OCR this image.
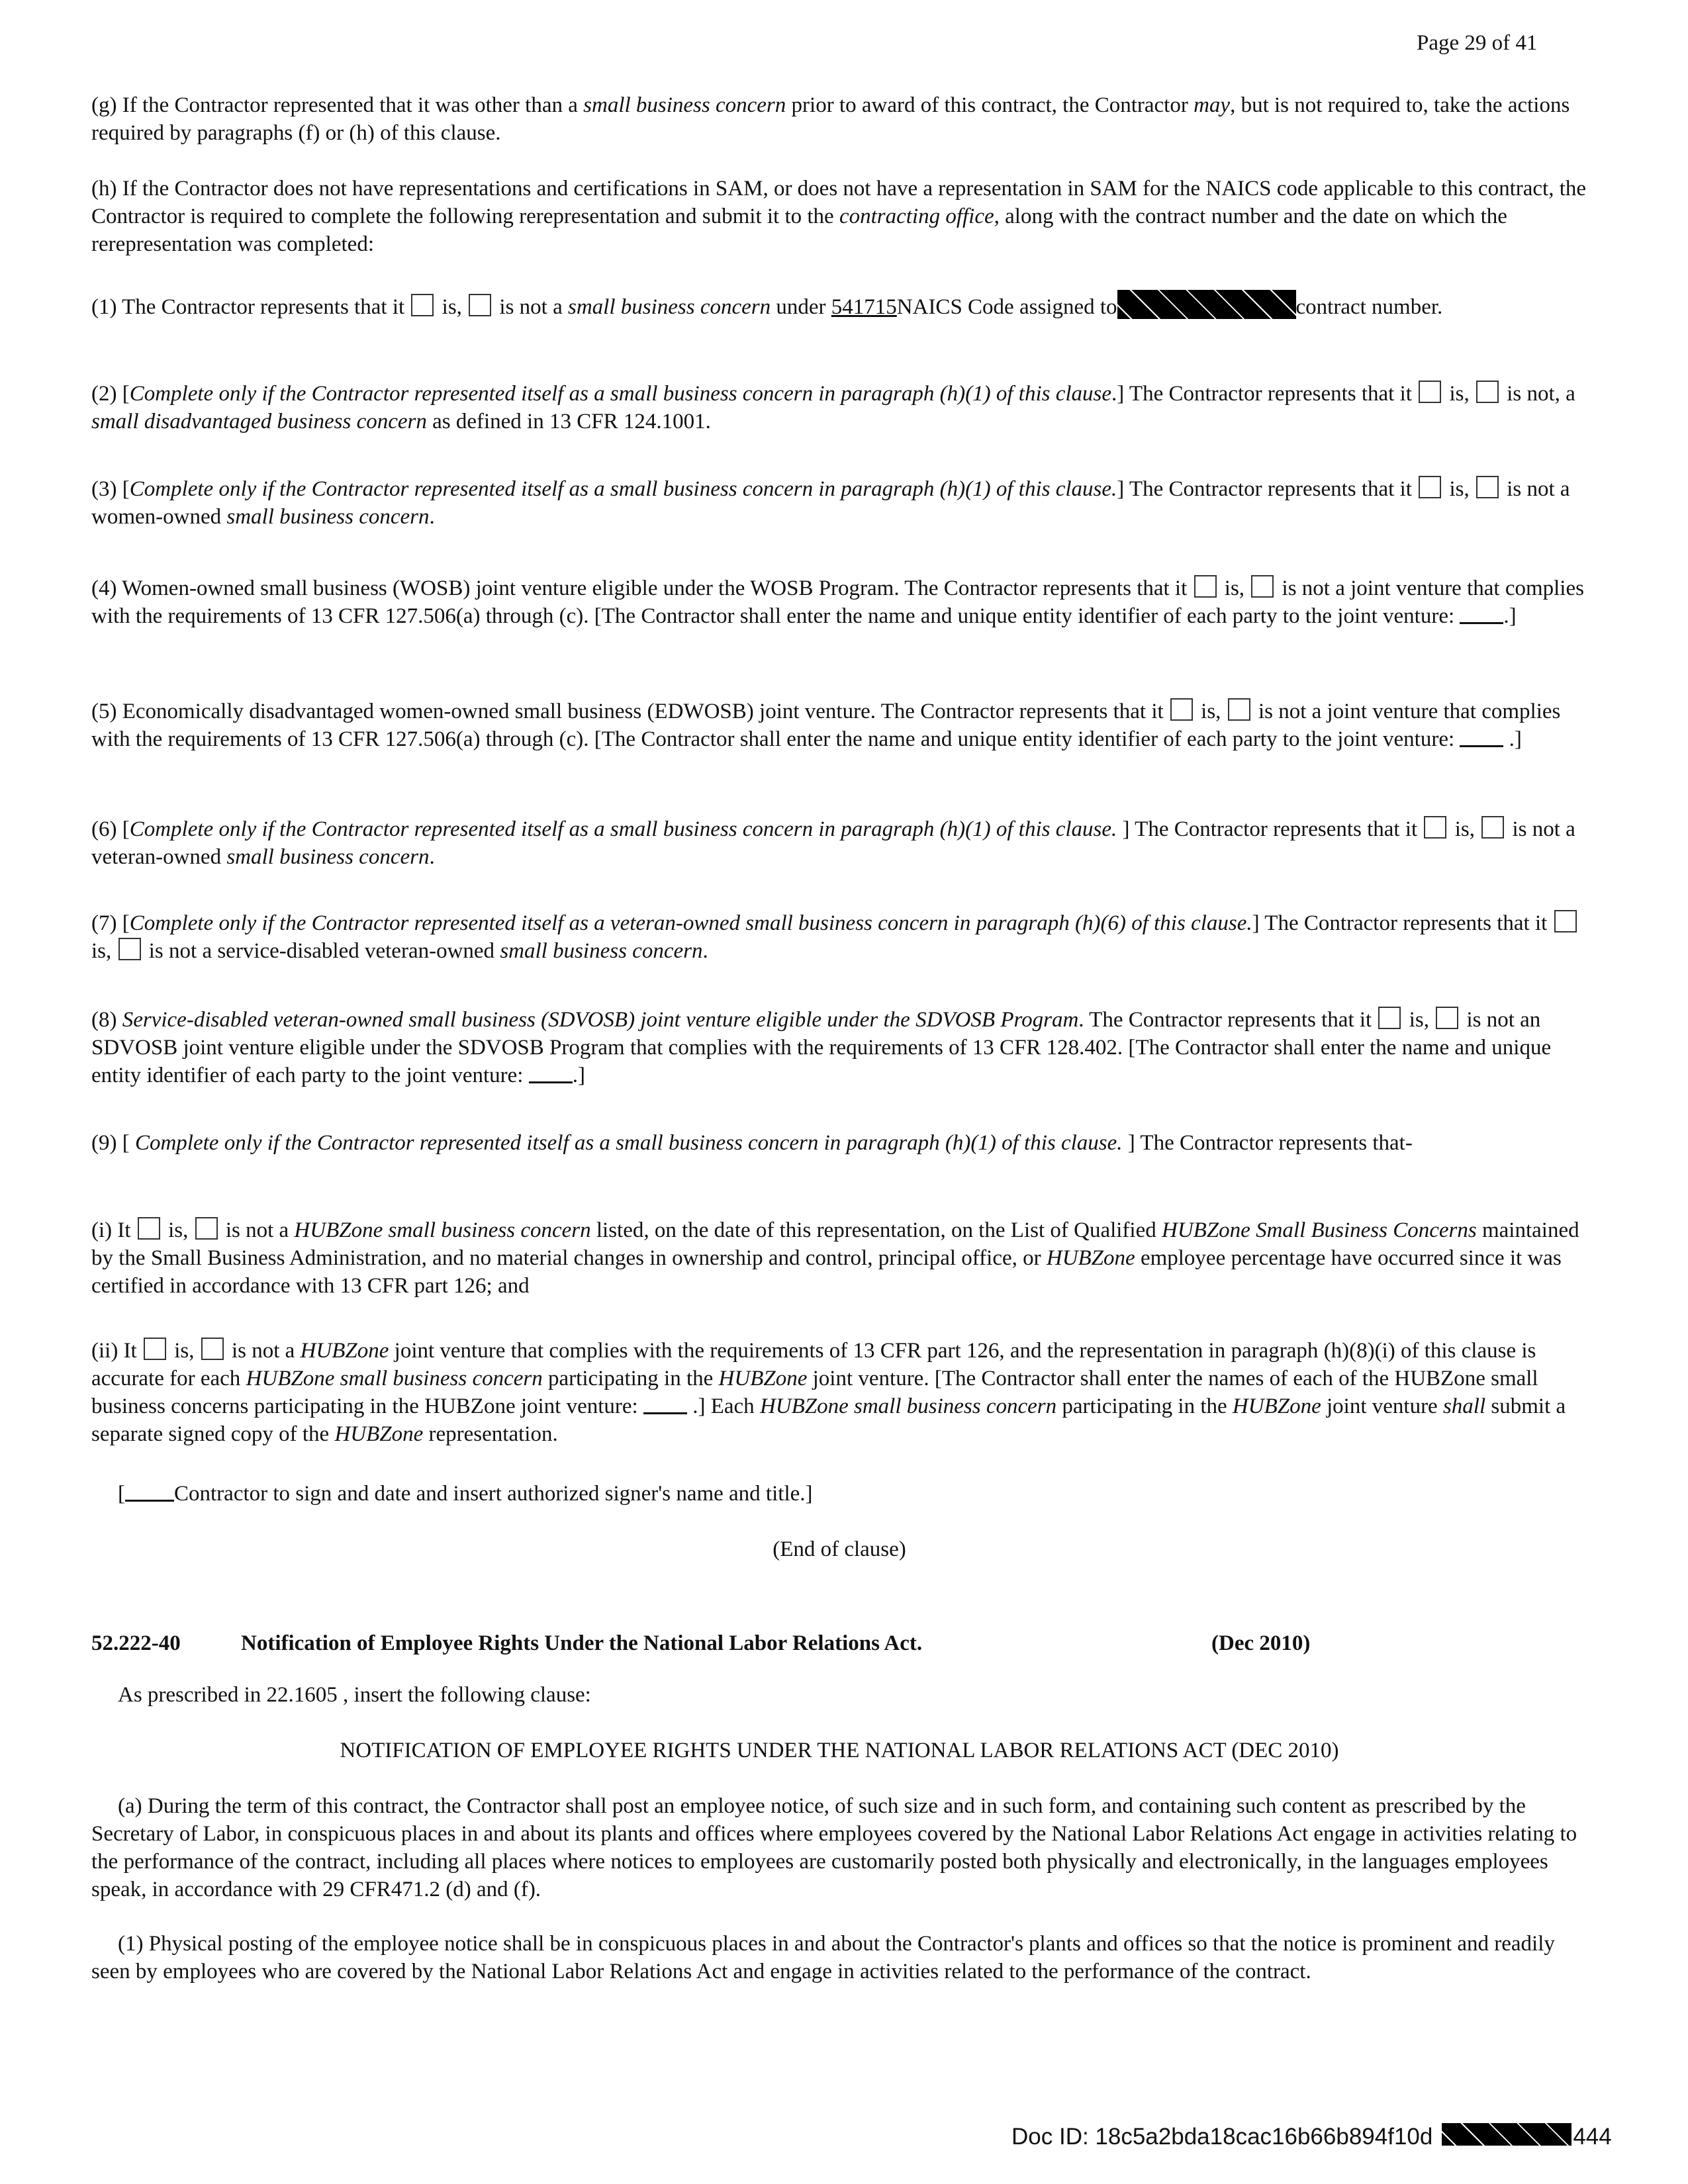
Page 29 of 41

(g) If the Contractor represented that it was other than a small business concern prior to award of this contract, the Contractor may, but is not required to, take the actions required by paragraphs (f) or (h) of this clause.

(h) If the Contractor does not have representations and certifications in SAM, or does not have a representation in SAM for the NAICS code applicable to this contract, the Contractor is required to complete the following rerepresentation and submit it to the contracting office, along with the contract number and the date on which the rerepresentation was completed:

(1) The Contractor represents that it  is,  is not a small business concern under 541715NAICS Code assigned to	contract number.

(2) [Complete only if the Contractor represented itself as a small business concern in paragraph (h)(1) of this clause.] The Contractor represents that it  is,  is not, a small disadvantaged business concern as defined in 13 CFR 124.1001.

(3) [Complete only if the Contractor represented itself as a small business concern in paragraph (h)(1) of this clause.] The Contractor represents that it  is,  is not a women-owned small business concern.

(4) Women-owned small business (WOSB) joint venture eligible under the WOSB Program. The Contractor represents that it  is,  is not a joint venture that complies with the requirements of 13 CFR 127.506(a) through (c). [The Contractor shall enter the name and unique entity identifier of each party to the joint venture: .]

(5) Economically disadvantaged women-owned small business (EDWOSB) joint venture. The Contractor represents that it  is,  is not a joint venture that complies with the requirements of 13 CFR 127.506(a) through (c). [The Contractor shall enter the name and unique entity identifier of each party to the joint venture:  .]

(6) [Complete only if the Contractor represented itself as a small business concern in paragraph (h)(1) of this clause. ] The Contractor represents that it  is,  is not a veteran-owned small business concern.

(7) [Complete only if the Contractor represented itself as a veteran-owned small business concern in paragraph (h)(6) of this clause.] The Contractor represents that it  is,  is not a service-disabled veteran-owned small business concern.

(8) Service-disabled veteran-owned small business (SDVOSB) joint venture eligible under the SDVOSB Program. The Contractor represents that it  is,  is not an SDVOSB joint venture eligible under the SDVOSB Program that complies with the requirements of 13 CFR 128.402. [The Contractor shall enter the name and unique entity identifier of each party to the joint venture: .]

(9) [ Complete only if the Contractor represented itself as a small business concern in paragraph (h)(1) of this clause. ] The Contractor represents that-

(i) It  is,  is not a HUBZone small business concern listed, on the date of this representation, on the List of Qualified HUBZone Small Business Concerns maintained by the Small Business Administration, and no material changes in ownership and control, principal office, or HUBZone employee percentage have occurred since it was certified in accordance with 13 CFR part 126; and

(ii) It  is,  is not a HUBZone joint venture that complies with the requirements of 13 CFR part 126, and the representation in paragraph (h)(8)(i) of this clause is accurate for each HUBZone small business concern participating in the HUBZone joint venture. [The Contractor shall enter the names of each of the HUBZone small business concerns participating in the HUBZone joint venture:  .] Each HUBZone small business concern participating in the HUBZone joint venture shall submit a separate signed copy of the HUBZone representation.

[ Contractor to sign and date and insert authorized signer's name and title.]

(End of clause)

52.222-40	Notification of Employee Rights Under the National Labor Relations Act.	(Dec 2010)

As prescribed in 22.1605 , insert the following clause:

NOTIFICATION OF EMPLOYEE RIGHTS UNDER THE NATIONAL LABOR RELATIONS ACT (DEC 2010)

(a) During the term of this contract, the Contractor shall post an employee notice, of such size and in such form, and containing such content as prescribed by the Secretary of Labor, in conspicuous places in and about its plants and offices where employees covered by the National Labor Relations Act engage in activities relating to the performance of the contract, including all places where notices to employees are customarily posted both physically and electronically, in the languages employees speak, in accordance with 29 CFR471.2 (d) and (f).

(1) Physical posting of the employee notice shall be in conspicuous places in and about the Contractor's plants and offices so that the notice is prominent and readily seen by employees who are covered by the National Labor Relations Act and engage in activities related to the performance of the contract.

Doc ID: 18c5a2bda18cac16b66b894f10d	444
